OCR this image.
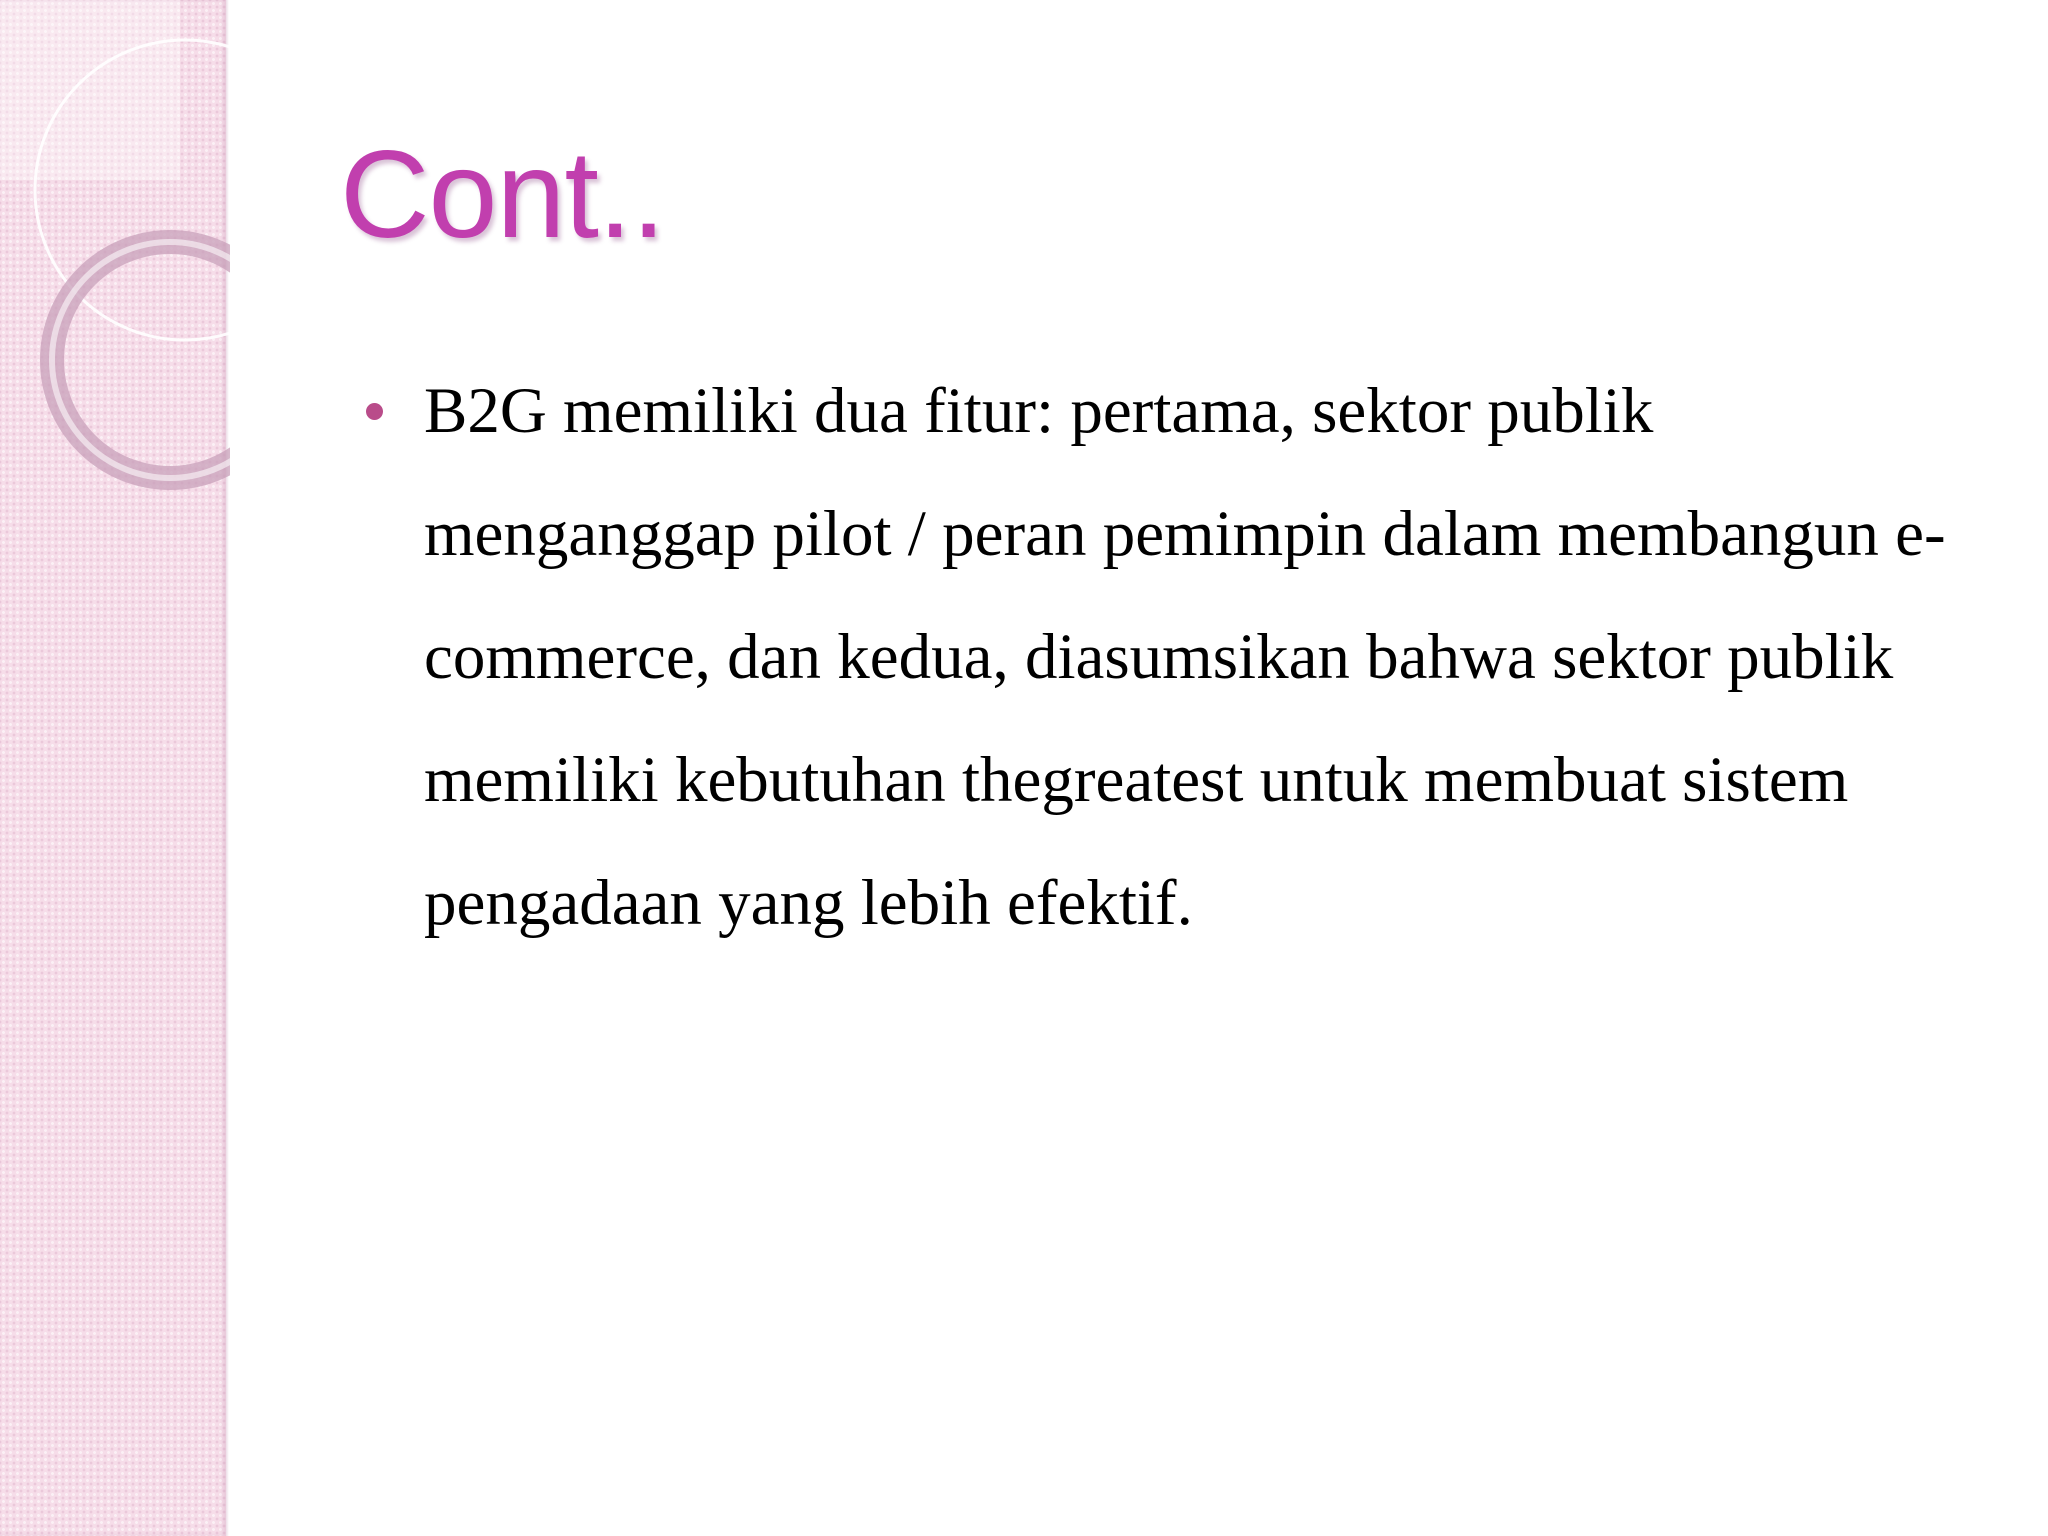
Cont..
B2G memiliki dua fitur: pertama, sektor publik menganggap pilot / peran pemimpin dalam membangun e-commerce, dan kedua, diasumsikan bahwa sektor publik memiliki kebutuhan thegreatest untuk membuat sistem pengadaan yang lebih efektif.
